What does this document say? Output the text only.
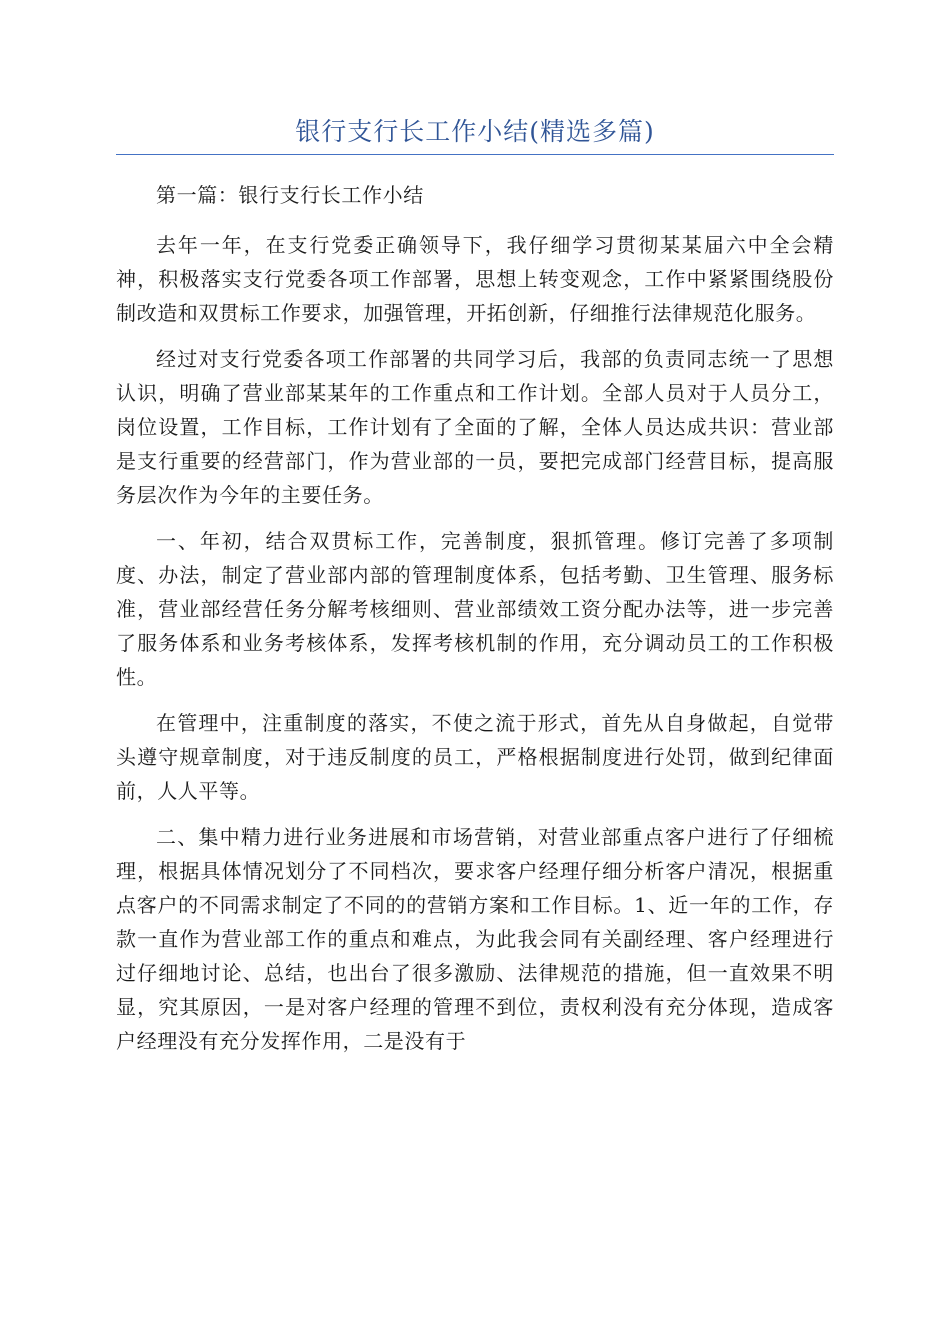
银行支行长工作小结(精选多篇)

第一篇：银行支行长工作小结

去年一年，在支行党委正确领导下，我仔细学习贯彻某某届六中全会精神，积极落实支行党委各项工作部署，思想上转变观念，工作中紧紧围绕股份制改造和双贯标工作要求，加强管理，开拓创新，仔细推行法律规范化服务。

经过对支行党委各项工作部署的共同学习后，我部的负责同志统一了思想认识，明确了营业部某某年的工作重点和工作计划。全部人员对于人员分工，岗位设置，工作目标，工作计划有了全面的了解，全体人员达成共识：营业部是支行重要的经营部门，作为营业部的一员，要把完成部门经营目标，提高服务层次作为今年的主要任务。

一、年初，结合双贯标工作，完善制度，狠抓管理。修订完善了多项制度、办法，制定了营业部内部的管理制度体系，包括考勤、卫生管理、服务标准，营业部经营任务分解考核细则、营业部绩效工资分配办法等，进一步完善了服务体系和业务考核体系，发挥考核机制的作用，充分调动员工的工作积极性。

在管理中，注重制度的落实，不使之流于形式，首先从自身做起，自觉带头遵守规章制度，对于违反制度的员工，严格根据制度进行处罚，做到纪律面前，人人平等。

二、集中精力进行业务进展和市场营销，对营业部重点客户进行了仔细梳理，根据具体情况划分了不同档次，要求客户经理仔细分析客户清况，根据重点客户的不同需求制定了不同的的营销方案和工作目标。1、近一年的工作，存款一直作为营业部工作的重点和难点，为此我会同有关副经理、客户经理进行过仔细地讨论、总结，也出台了很多激励、法律规范的措施，但一直效果不明显，究其原因，一是对客户经理的管理不到位，责权利没有充分体现，造成客户经理没有充分发挥作用，二是没有于
